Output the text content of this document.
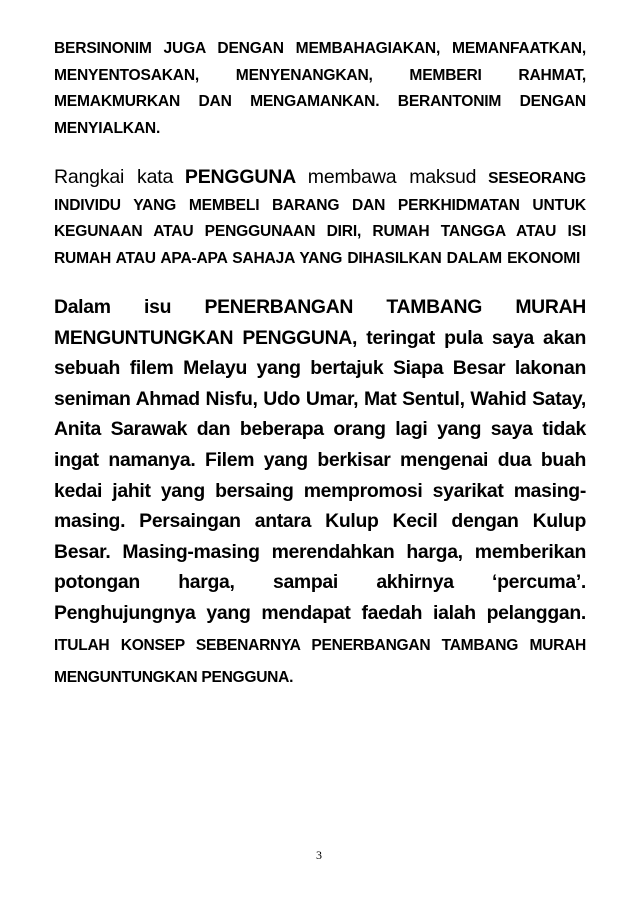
BERSINONIM JUGA DENGAN MEMBAHAGIAKAN, MEMANFAATKAN, MENYENTOSAKAN, MENYENANGKAN, MEMBERI RAHMAT, MEMAKMURKAN DAN MENGAMANKAN. BERANTONIM DENGAN MENYIALKAN.

Rangkai kata PENGGUNA membawa maksud SESEORANG INDIVIDU YANG MEMBELI BARANG DAN PERKHIDMATAN UNTUK KEGUNAAN ATAU PENGGUNAAN DIRI, RUMAH TANGGA ATAU ISI RUMAH ATAU APA-APA SAHAJA YANG DIHASILKAN DALAM EKONOMI

Dalam isu PENERBANGAN TAMBANG MURAH MENGUNTUNGKAN PENGGUNA, teringat pula saya akan sebuah filem Melayu yang bertajuk Siapa Besar lakonan seniman Ahmad Nisfu, Udo Umar, Mat Sentul, Wahid Satay, Anita Sarawak dan beberapa orang lagi yang saya tidak ingat namanya. Filem yang berkisar mengenai dua buah kedai jahit yang bersaing mempromosi syarikat masing-masing. Persaingan antara Kulup Kecil dengan Kulup Besar. Masing-masing merendahkan harga, memberikan potongan harga, sampai akhirnya ‘percuma’. Penghujungnya yang mendapat faedah ialah pelanggan. ITULAH KONSEP SEBENARNYA PENERBANGAN TAMBANG MURAH MENGUNTUNGKAN PENGGUNA.

3
